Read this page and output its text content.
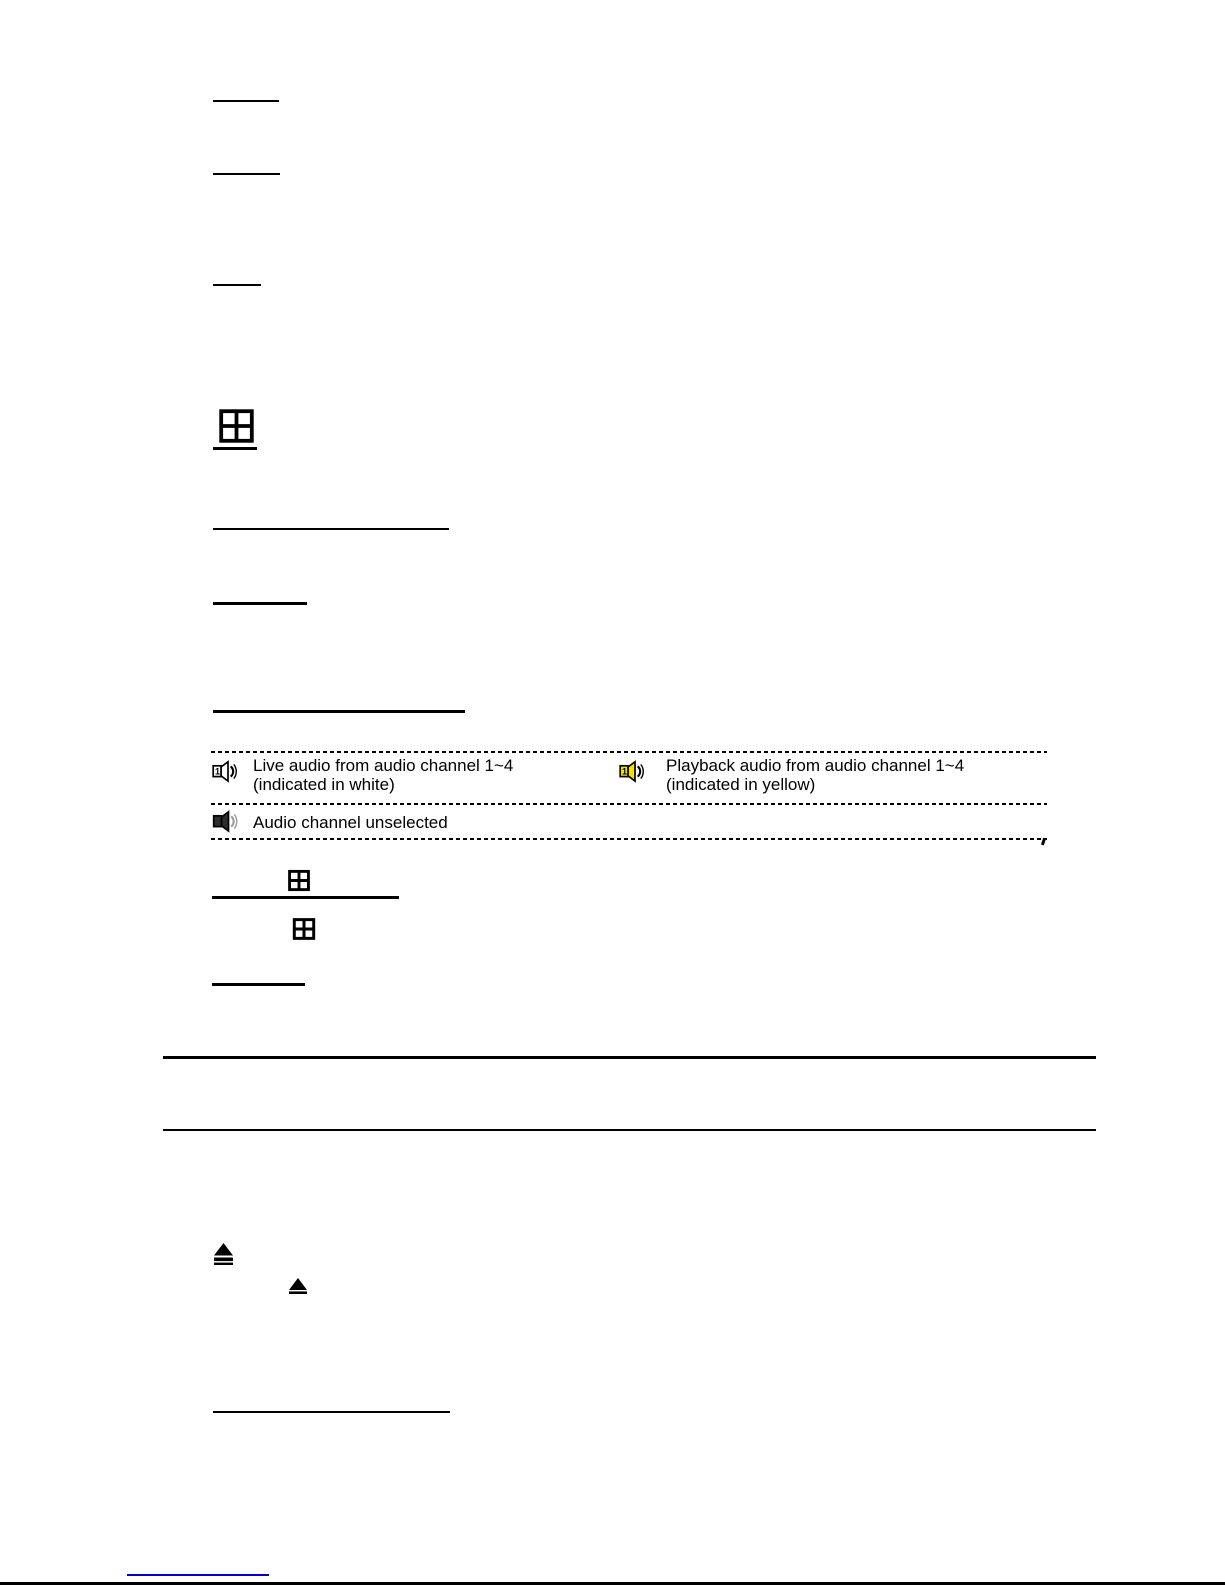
1 Live audio from audio channel 1~4
(indicated in white)
1 Playback audio from audio channel 1~4
(indicated in yellow)
Audio channel unselected
